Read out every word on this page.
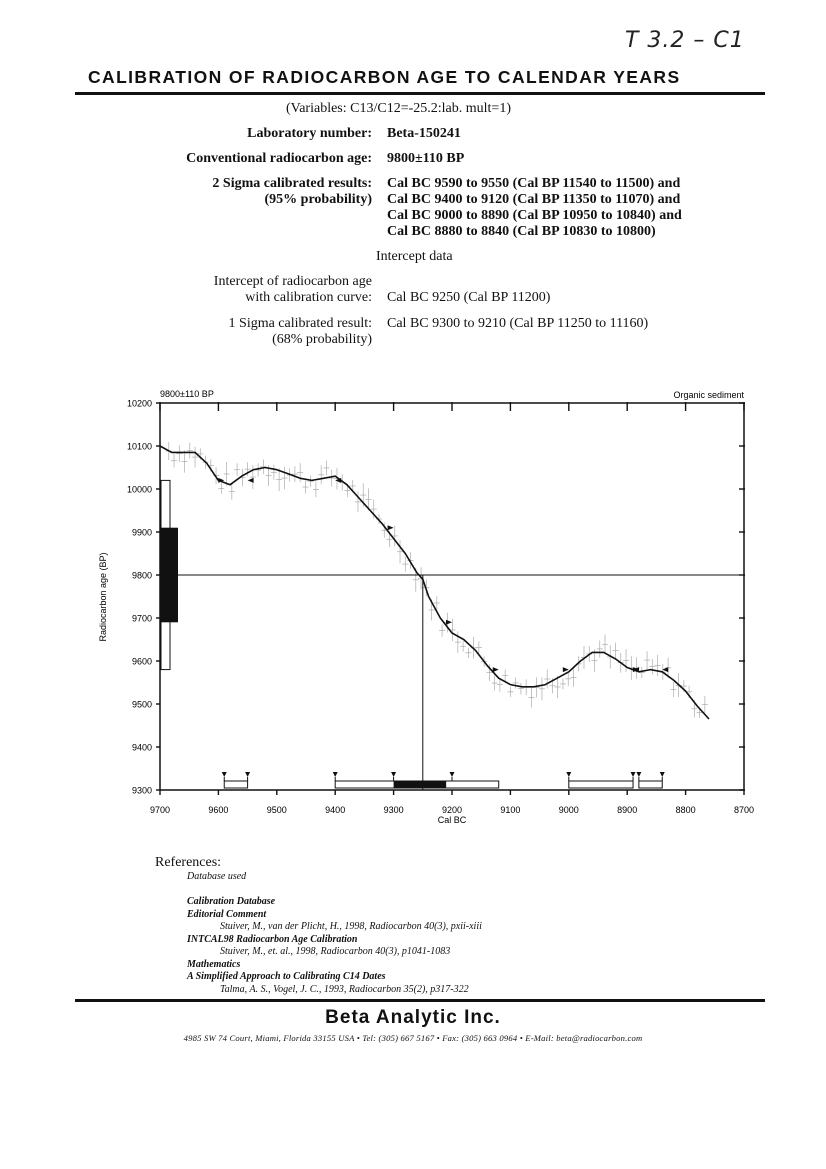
T 3.2 – C1
CALIBRATION OF RADIOCARBON AGE TO CALENDAR YEARS
(Variables: C13/C12=-25.2:lab. mult=1)
Laboratory number: Beta-150241
Conventional radiocarbon age: 9800±110 BP
2 Sigma calibrated results:
(95% probability)
Cal BC 9590 to 9550 (Cal BP 11540 to 11500) and
Cal BC 9400 to 9120 (Cal BP 11350 to 11070) and
Cal BC 9000 to 8890 (Cal BP 10950 to 10840) and
Cal BC 8880 to 8840 (Cal BP 10830 to 10800)
Intercept data
Intercept of radiocarbon age
with calibration curve: Cal BC 9250 (Cal BP 11200)
1 Sigma calibrated result:
(68% probability)
Cal BC 9300 to 9210 (Cal BP 11250 to 11160)
9800±110 BP	Organic sediment
Cal BC
Radiocarbon age (BP)
9300
9400
9500
9600
9700
9800
9900
10000
10100
10200
9700	9600	9500	9400	9300	9200	9100	9000	8900	8800	8700
References:
Database used
Calibration Database
Editorial Comment
Stuiver, M., van der Plicht, H., 1998, Radiocarbon 40(3), pxii-xiii
INTCAL98 Radiocarbon Age Calibration
Stuiver, M., et. al., 1998, Radiocarbon 40(3), p1041-1083
Mathematics
A Simplified Approach to Calibrating C14 Dates
Talma, A. S., Vogel, J. C., 1993, Radiocarbon 35(2), p317-322
Beta Analytic Inc.
4985 SW 74 Court, Miami, Florida 33155 USA • Tel: (305) 667 5167 • Fax: (305) 663 0964 • E-Mail: beta@radiocarbon.com
